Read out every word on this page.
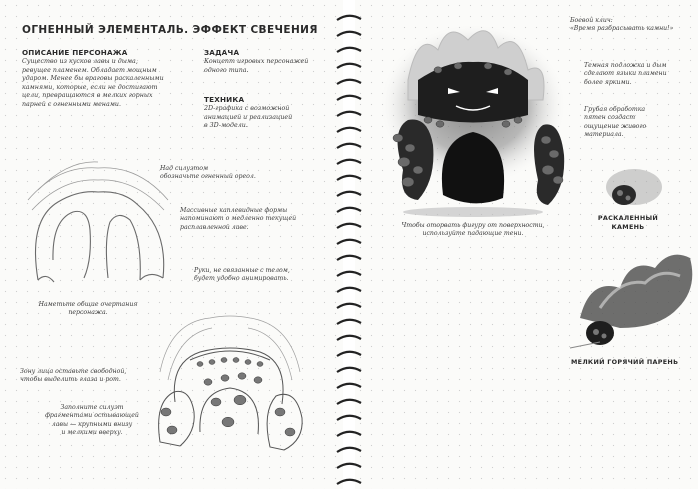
ОГНЕННЫЙ ЭЛЕМЕНТАЛЬ. ЭФФЕКТ СВЕЧЕНИЯ
ОПИСАНИЕ ПЕРСОНАЖА
Существо из кусков лавы и дыма,
ревущее пламенем. Обладает мощным
ударом. Менее бы враговы раскаленными
камнями, которые, если не достигают
цели, превращаются в мелких горных
парней с огненными менами.
ЗАДАЧА
Концепт игровых персонажей
одного типа.
ТЕХНИКА
2D-графика с возможной
анимацией и реализацией
в 3D-модели.
Над силуэтом
обозначьте огненный ореол.
Массивные каплевидные формы
напоминают о медленно текущей
расплавленной лаве.
Руки, не связанные с телом,
будет удобно анимировать.
Наметьте общие очертания
персонажа.
Зону лица оставьте свободной,
чтобы выделить глаза и рот.
Заполните силуэт
фрагментами остывающей
лавы — крупными внизу
и мелкими вверху.
Боевой клич:
«Время разбрасывать камни!»
Темная подложка и дым
сделают языки пламени
более яркими.
Грубая обработка
пятен создаст
ощущение живого
материала.
Чтобы оторвать фигуру от поверхности,
используйте падающие тени.
РАСКАЛЕННЫЙ
КАМЕНЬ
МЕЛКИЙ ГОРЯЧИЙ ПАРЕНЬ
